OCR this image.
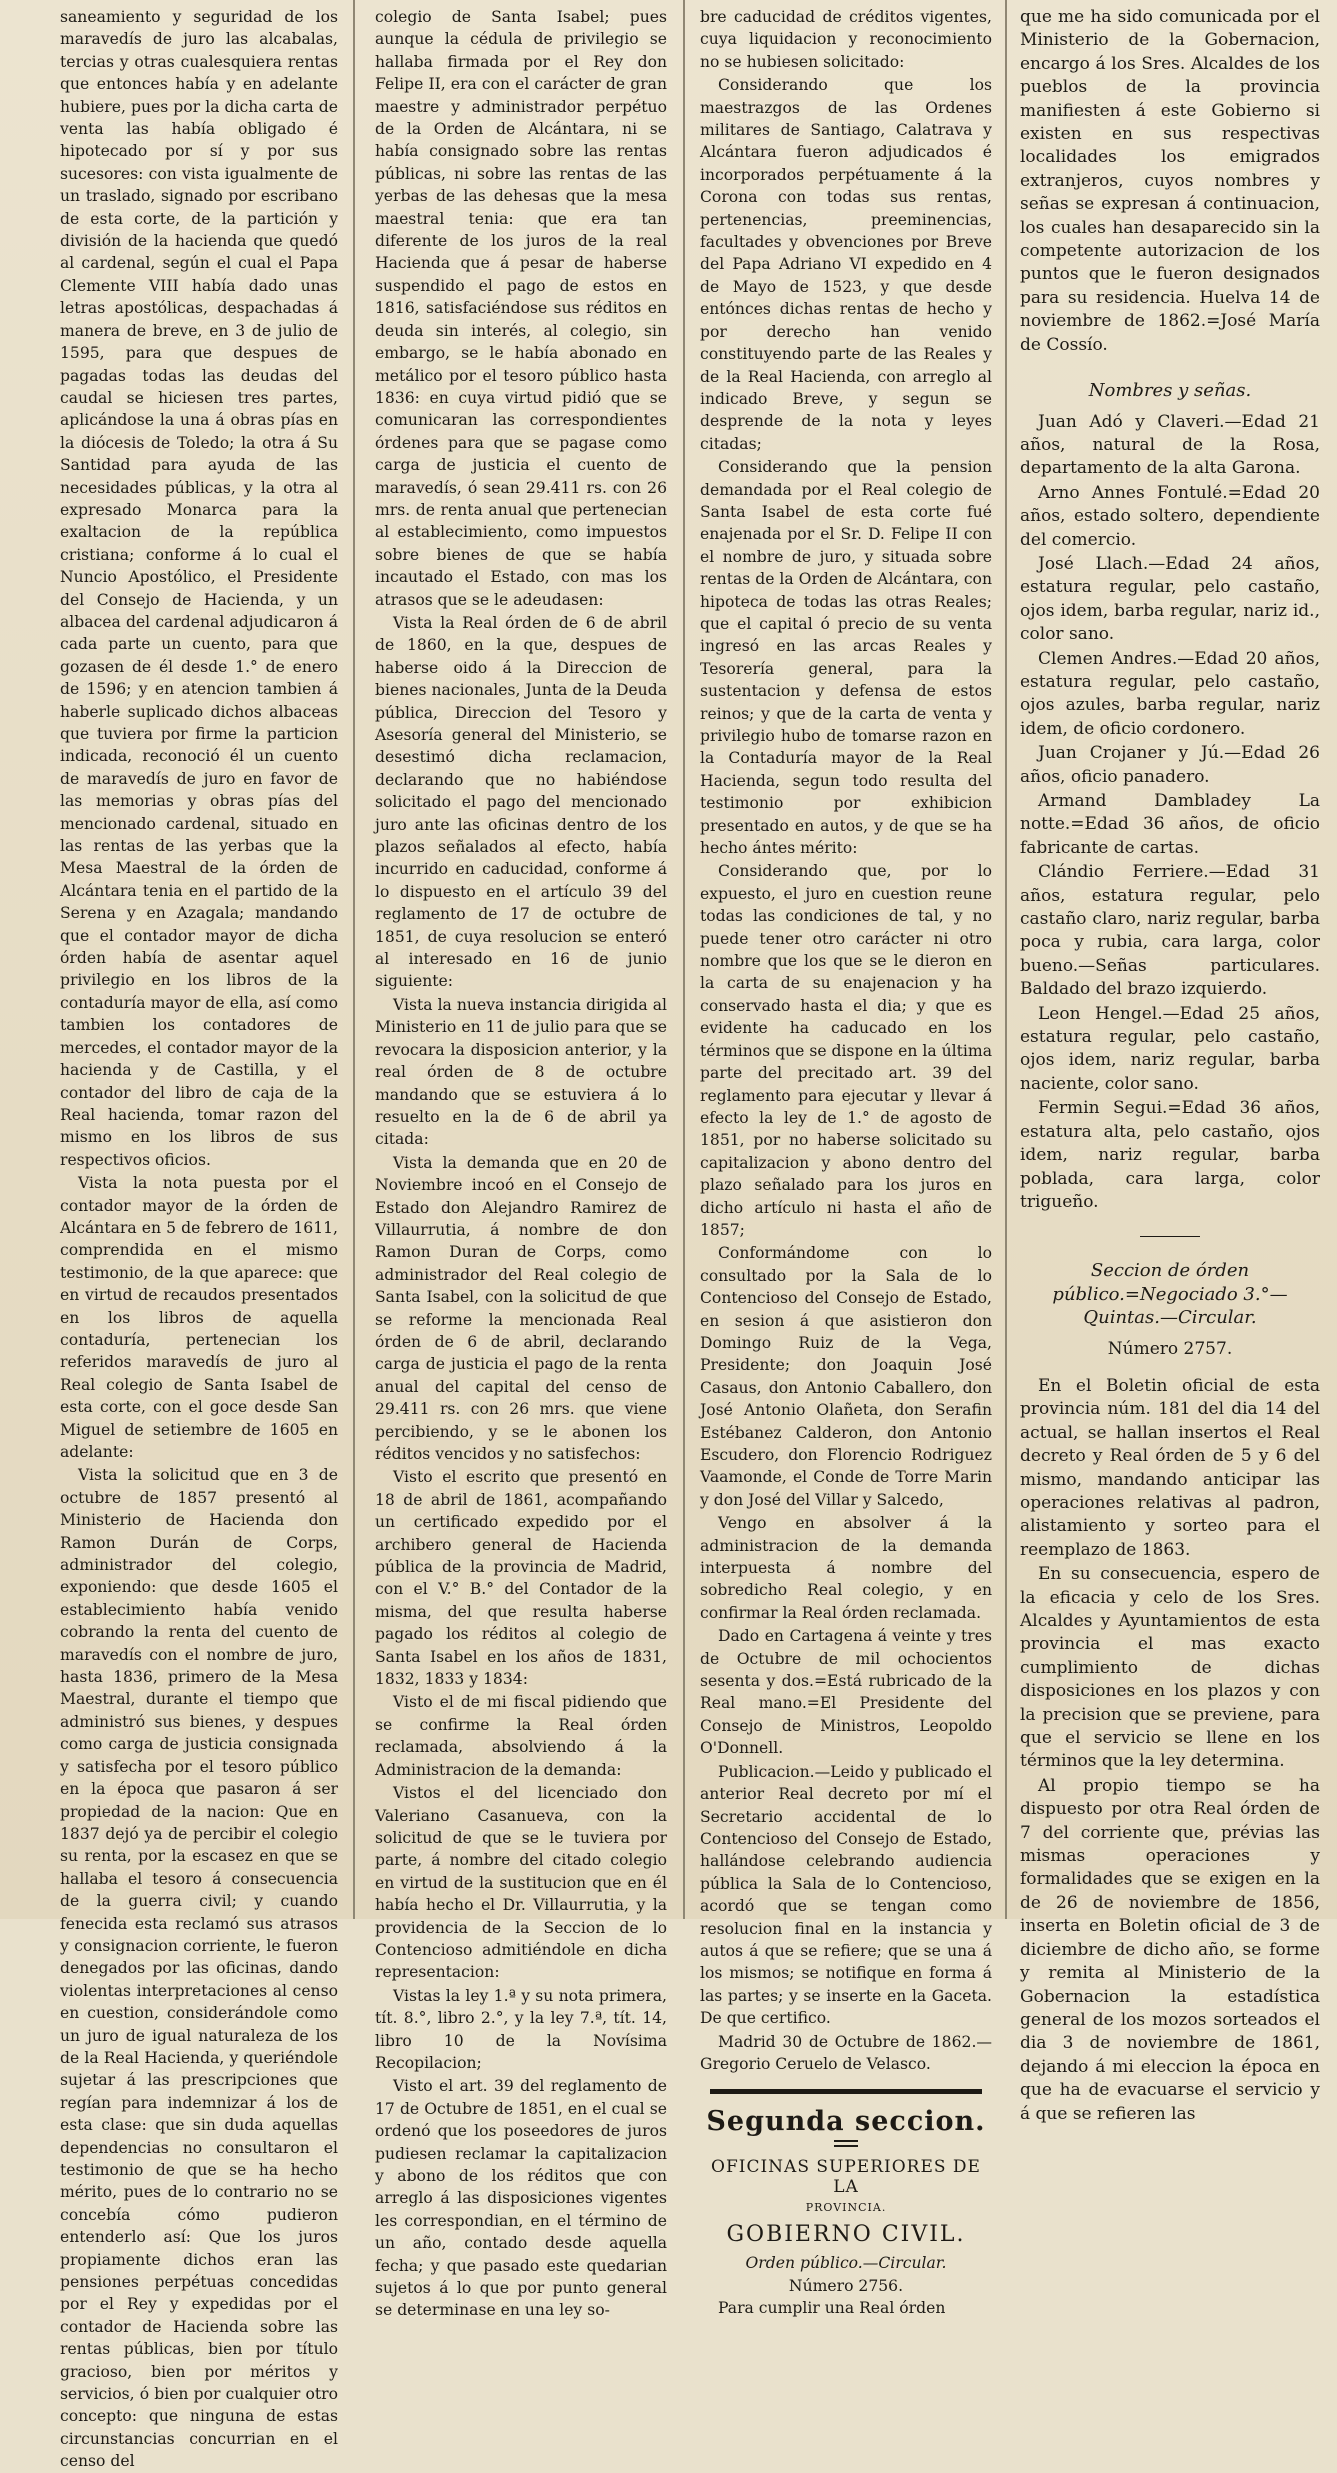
saneamiento y seguridad de los maravedís de juro las alcabalas, tercias y otras cualesquiera rentas que entonces había y en adelante hubiere, pues por la dicha carta de venta las había obligado é hipotecado por sí y por sus sucesores: con vista igualmente de un traslado, signado por escribano de esta corte, de la partición y división de la hacienda que quedó al cardenal, según el cual el Papa Clemente VIII había dado unas letras apostólicas, despachadas á manera de breve, en 3 de julio de 1595, para que despues de pagadas todas las deudas del caudal se hiciesen tres partes, aplicándose la una á obras pías en la diócesis de Toledo; la otra á Su Santidad para ayuda de las necesidades públicas, y la otra al expresado Monarca para la exaltacion de la república cristiana; conforme á lo cual el Nuncio Apostólico, el Presidente del Consejo de Hacienda, y un albacea del cardenal adjudicaron á cada parte un cuento, para que gozasen de él desde 1.° de enero de 1596; y en atencion tambien á haberle suplicado dichos albaceas que tuviera por firme la particion indicada, reconoció él un cuento de maravedís de juro en favor de las memorias y obras pías del mencionado cardenal, situado en las rentas de las yerbas que la Mesa Maestral de la órden de Alcántara tenia en el partido de la Serena y en Azagala; mandando que el contador mayor de dicha órden había de asentar aquel privilegio en los libros de la contaduría mayor de ella, así como tambien los contadores de mercedes, el contador mayor de la hacienda y de Castilla, y el contador del libro de caja de la Real hacienda, tomar razon del mismo en los libros de sus respectivos oficios.

Vista la nota puesta por el contador mayor de la órden de Alcántara en 5 de febrero de 1611, comprendida en el mismo testimonio, de la que aparece: que en virtud de recaudos presentados en los libros de aquella contaduría, pertenecian los referidos maravedís de juro al Real colegio de Santa Isabel de esta corte, con el goce desde San Miguel de setiembre de 1605 en adelante:

Vista la solicitud que en 3 de octubre de 1857 presentó al Ministerio de Hacienda don Ramon Durán de Corps, administrador del colegio, exponiendo: que desde 1605 el establecimiento había venido cobrando la renta del cuento de maravedís con el nombre de juro, hasta 1836, primero de la Mesa Maestral, durante el tiempo que administró sus bienes, y despues como carga de justicia consignada y satisfecha por el tesoro público en la época que pasaron á ser propiedad de la nacion: Que en 1837 dejó ya de percibir el colegio su renta, por la escasez en que se hallaba el tesoro á consecuencia de la guerra civil; y cuando fenecida esta reclamó sus atrasos y consignacion corriente, le fueron denegados por las oficinas, dando violentas interpretaciones al censo en cuestion, considerándole como un juro de igual naturaleza de los de la Real Hacienda, y queriéndole sujetar á las prescripciones que regían para indemnizar á los de esta clase: que sin duda aquellas dependencias no consultaron el testimonio de que se ha hecho mérito, pues de lo contrario no se concebía cómo pudieron entenderlo así: Que los juros propiamente dichos eran las pensiones perpétuas concedidas por el Rey y expedidas por el contador de Hacienda sobre las rentas públicas, bien por título gracioso, bien por méritos y servicios, ó bien por cualquier otro concepto: que ninguna de estas circunstancias concurrian en el censo del

colegio de Santa Isabel; pues aunque la cédula de privilegio se hallaba firmada por el Rey don Felipe II, era con el carácter de gran maestre y administrador perpétuo de la Orden de Alcántara, ni se había consignado sobre las rentas públicas, ni sobre las rentas de las yerbas de las dehesas que la mesa maestral tenia: que era tan diferente de los juros de la real Hacienda que á pesar de haberse suspendido el pago de estos en 1816, satisfaciéndose sus réditos en deuda sin interés, al colegio, sin embargo, se le había abonado en metálico por el tesoro público hasta 1836: en cuya virtud pidió que se comunicaran las correspondientes órdenes para que se pagase como carga de justicia el cuento de maravedís, ó sean 29.411 rs. con 26 mrs. de renta anual que pertenecian al establecimiento, como impuestos sobre bienes de que se había incautado el Estado, con mas los atrasos que se le adeudasen:

Vista la Real órden de 6 de abril de 1860, en la que, despues de haberse oido á la Direccion de bienes nacionales, Junta de la Deuda pública, Direccion del Tesoro y Asesoría general del Ministerio, se desestimó dicha reclamacion, declarando que no habiéndose solicitado el pago del mencionado juro ante las oficinas dentro de los plazos señalados al efecto, había incurrido en caducidad, conforme á lo dispuesto en el artículo 39 del reglamento de 17 de octubre de 1851, de cuya resolucion se enteró al interesado en 16 de junio siguiente:

Vista la nueva instancia dirigida al Ministerio en 11 de julio para que se revocara la disposicion anterior, y la real órden de 8 de octubre mandando que se estuviera á lo resuelto en la de 6 de abril ya citada:

Vista la demanda que en 20 de Noviembre incoó en el Consejo de Estado don Alejandro Ramirez de Villaurrutia, á nombre de don Ramon Duran de Corps, como administrador del Real colegio de Santa Isabel, con la solicitud de que se reforme la mencionada Real órden de 6 de abril, declarando carga de justicia el pago de la renta anual del capital del censo de 29.411 rs. con 26 mrs. que viene percibiendo, y se le abonen los réditos vencidos y no satisfechos:

Visto el escrito que presentó en 18 de abril de 1861, acompañando un certificado expedido por el archibero general de Hacienda pública de la provincia de Madrid, con el V.° B.° del Contador de la misma, del que resulta haberse pagado los réditos al colegio de Santa Isabel en los años de 1831, 1832, 1833 y 1834:

Visto el de mi fiscal pidiendo que se confirme la Real órden reclamada, absolviendo á la Administracion de la demanda:

Vistos el del licenciado don Valeriano Casanueva, con la solicitud de que se le tuviera por parte, á nombre del citado colegio en virtud de la sustitucion que en él había hecho el Dr. Villaurrutia, y la providencia de la Seccion de lo Contencioso admitiéndole en dicha representacion:

Vistas la ley 1.ª y su nota primera, tít. 8.°, libro 2.°, y la ley 7.ª, tít. 14, libro 10 de la Novísima Recopilacion;

Visto el art. 39 del reglamento de 17 de Octubre de 1851, en el cual se ordenó que los poseedores de juros pudiesen reclamar la capitalizacion y abono de los réditos que con arreglo á las disposiciones vigentes les correspondian, en el término de un año, contado desde aquella fecha; y que pasado este quedarian sujetos á lo que por punto general se determinase en una ley so-

bre caducidad de créditos vigentes, cuya liquidacion y reconocimiento no se hubiesen solicitado:

Considerando que los maestrazgos de las Ordenes militares de Santiago, Calatrava y Alcántara fueron adjudicados é incorporados perpétuamente á la Corona con todas sus rentas, pertenencias, preeminencias, facultades y obvenciones por Breve del Papa Adriano VI expedido en 4 de Mayo de 1523, y que desde entónces dichas rentas de hecho y por derecho han venido constituyendo parte de las Reales y de la Real Hacienda, con arreglo al indicado Breve, y segun se desprende de la nota y leyes citadas;

Considerando que la pension demandada por el Real colegio de Santa Isabel de esta corte fué enajenada por el Sr. D. Felipe II con el nombre de juro, y situada sobre rentas de la Orden de Alcántara, con hipoteca de todas las otras Reales; que el capital ó precio de su venta ingresó en las arcas Reales y Tesorería general, para la sustentacion y defensa de estos reinos; y que de la carta de venta y privilegio hubo de tomarse razon en la Contaduría mayor de la Real Hacienda, segun todo resulta del testimonio por exhibicion presentado en autos, y de que se ha hecho ántes mérito:

Considerando que, por lo expuesto, el juro en cuestion reune todas las condiciones de tal, y no puede tener otro carácter ni otro nombre que los que se le dieron en la carta de su enajenacion y ha conservado hasta el dia; y que es evidente ha caducado en los términos que se dispone en la última parte del precitado art. 39 del reglamento para ejecutar y llevar á efecto la ley de 1.° de agosto de 1851, por no haberse solicitado su capitalizacion y abono dentro del plazo señalado para los juros en dicho artículo ni hasta el año de 1857;

Conformándome con lo consultado por la Sala de lo Contencioso del Consejo de Estado, en sesion á que asistieron don Domingo Ruiz de la Vega, Presidente; don Joaquin José Casaus, don Antonio Caballero, don José Antonio Olañeta, don Serafin Estébanez Calderon, don Antonio Escudero, don Florencio Rodriguez Vaamonde, el Conde de Torre Marin y don José del Villar y Salcedo,

Vengo en absolver á la administracion de la demanda interpuesta á nombre del sobredicho Real colegio, y en confirmar la Real órden reclamada.

Dado en Cartagena á veinte y tres de Octubre de mil ochocientos sesenta y dos.=Está rubricado de la Real mano.=El Presidente del Consejo de Ministros, Leopoldo O'Donnell.

Publicacion.—Leido y publicado el anterior Real decreto por mí el Secretario accidental de lo Contencioso del Consejo de Estado, hallándose celebrando audiencia pública la Sala de lo Contencioso, acordó que se tengan como resolucion final en la instancia y autos á que se refiere; que se una á los mismos; se notifique en forma á las partes; y se inserte en la Gaceta. De que certifico.

Madrid 30 de Octubre de 1862.—Gregorio Ceruelo de Velasco.

Segunda seccion.
OFICINAS SUPERIORES DE LA
PROVINCIA.
GOBIERNO CIVIL.
Orden público.—Circular.
Número 2756.

Para cumplir una Real órden

que me ha sido comunicada por el Ministerio de la Gobernacion, encargo á los Sres. Alcaldes de los pueblos de la provincia manifiesten á este Gobierno si existen en sus respectivas localidades los emigrados extranjeros, cuyos nombres y señas se expresan á continuacion, los cuales han desaparecido sin la competente autorizacion de los puntos que le fueron designados para su residencia. Huelva 14 de noviembre de 1862.=José María de Cossío.

Nombres y señas.

Juan Adó y Claveri.—Edad 21 años, natural de la Rosa, departamento de la alta Garona.

Arno Annes Fontulé.=Edad 20 años, estado soltero, dependiente del comercio.

José Llach.—Edad 24 años, estatura regular, pelo castaño, ojos idem, barba regular, nariz id., color sano.

Clemen Andres.—Edad 20 años, estatura regular, pelo castaño, ojos azules, barba regular, nariz idem, de oficio cordonero.

Juan Crojaner y Jú.—Edad 26 años, oficio panadero.

Armand Dambladey La notte.=Edad 36 años, de oficio fabricante de cartas.

Clándio Ferriere.—Edad 31 años, estatura regular, pelo castaño claro, nariz regular, barba poca y rubia, cara larga, color bueno.—Señas particulares. Baldado del brazo izquierdo.

Leon Hengel.—Edad 25 años, estatura regular, pelo castaño, ojos idem, nariz regular, barba naciente, color sano.

Fermin Segui.=Edad 36 años, estatura alta, pelo castaño, ojos idem, nariz regular, barba poblada, cara larga, color trigueño.

Seccion de órden público.=Negociado 3.°—Quintas.—Circular.
Número 2757.

En el Boletin oficial de esta provincia núm. 181 del dia 14 del actual, se hallan insertos el Real decreto y Real órden de 5 y 6 del mismo, mandando anticipar las operaciones relativas al padron, alistamiento y sorteo para el reemplazo de 1863.

En su consecuencia, espero de la eficacia y celo de los Sres. Alcaldes y Ayuntamientos de esta provincia el mas exacto cumplimiento de dichas disposiciones en los plazos y con la precision que se previene, para que el servicio se llene en los términos que la ley determina.

Al propio tiempo se ha dispuesto por otra Real órden de 7 del corriente que, prévias las mismas operaciones y formalidades que se exigen en la de 26 de noviembre de 1856, inserta en Boletin oficial de 3 de diciembre de dicho año, se forme y remita al Ministerio de la Gobernacion la estadística general de los mozos sorteados el dia 3 de noviembre de 1861, dejando á mi eleccion la época en que ha de evacuarse el servicio y á que se refieren las
